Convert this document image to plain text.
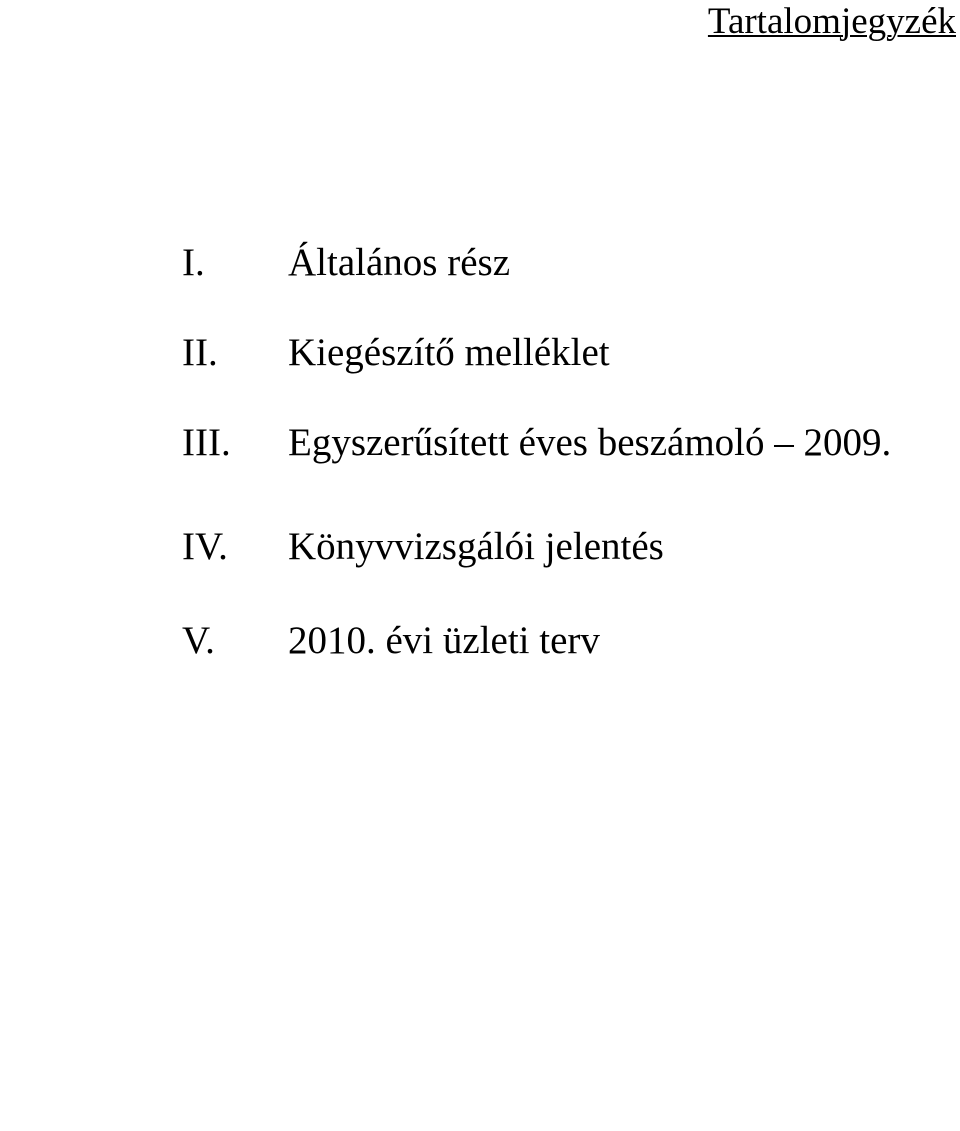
Tartalomjegyzék
I. Általános rész
II. Kiegészítő melléklet
III. Egyszerűsített éves beszámoló – 2009.
IV. Könyvvizsgálói jelentés
V. 2010. évi üzleti terv
